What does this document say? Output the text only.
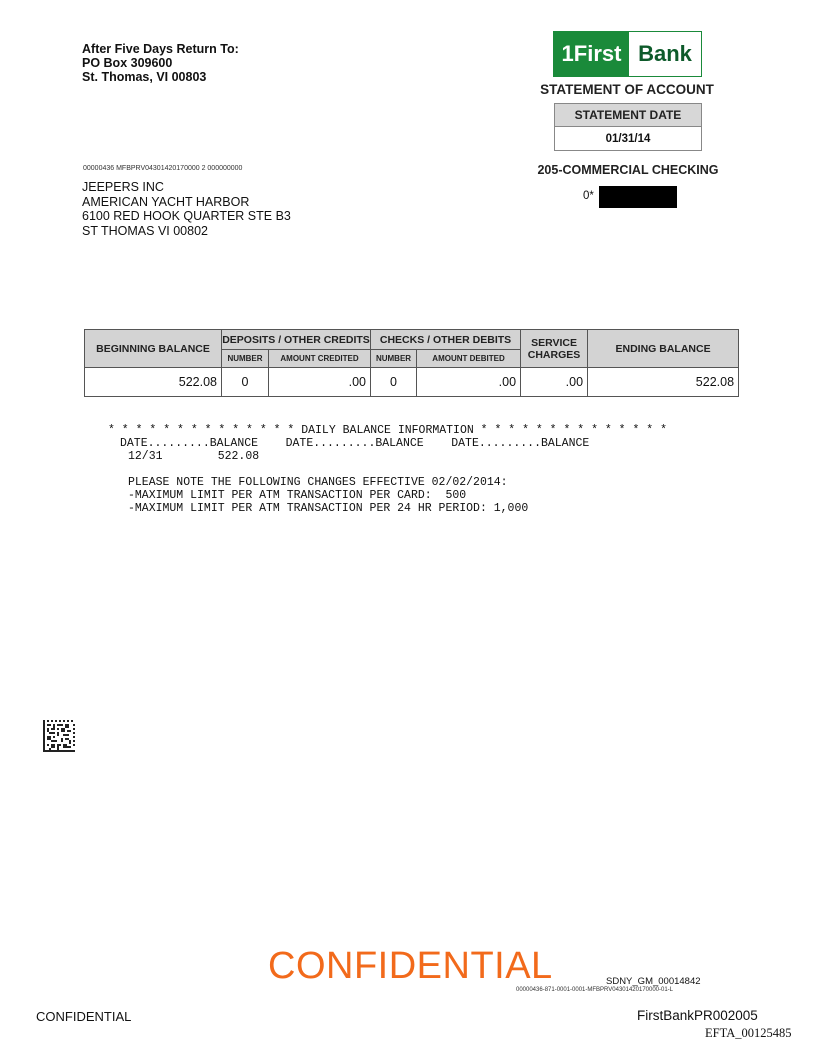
After Five Days Return To:
PO Box 309600
St. Thomas, VI 00803
1First Bank
STATEMENT OF ACCOUNT
STATEMENT DATE
01/31/14
205-COMMERCIAL CHECKING
0*
00000436 MFBPRV04301420170000 2 000000000
JEEPERS INC
AMERICAN YACHT HARBOR
6100 RED HOOK QUARTER STE B3
ST THOMAS VI 00802
BEGINNING BALANCE	DEPOSITS / OTHER CREDITS		CHECKS / OTHER DEBITS		SERVICE CHARGES	ENDING BALANCE
	NUMBER	AMOUNT CREDITED	NUMBER	AMOUNT DEBITED		
522.08	0	.00	0	.00	.00	522.08
* * * * * * * * * * * * * * DAILY BALANCE INFORMATION * * * * * * * * * * * * * *
DATE.........BALANCE    DATE.........BALANCE    DATE.........BALANCE
12/31        522.08
PLEASE NOTE THE FOLLOWING CHANGES EFFECTIVE 02/02/2014:
-MAXIMUM LIMIT PER ATM TRANSACTION PER CARD:  500
-MAXIMUM LIMIT PER ATM TRANSACTION PER 24 HR PERIOD: 1,000
CONFIDENTIAL	SDNY_GM_00014842
00000436-871-0001-0001-MFBPRV04301420170000-01-L
CONFIDENTIAL	FirstBankPR002005
EFTA_00125485
